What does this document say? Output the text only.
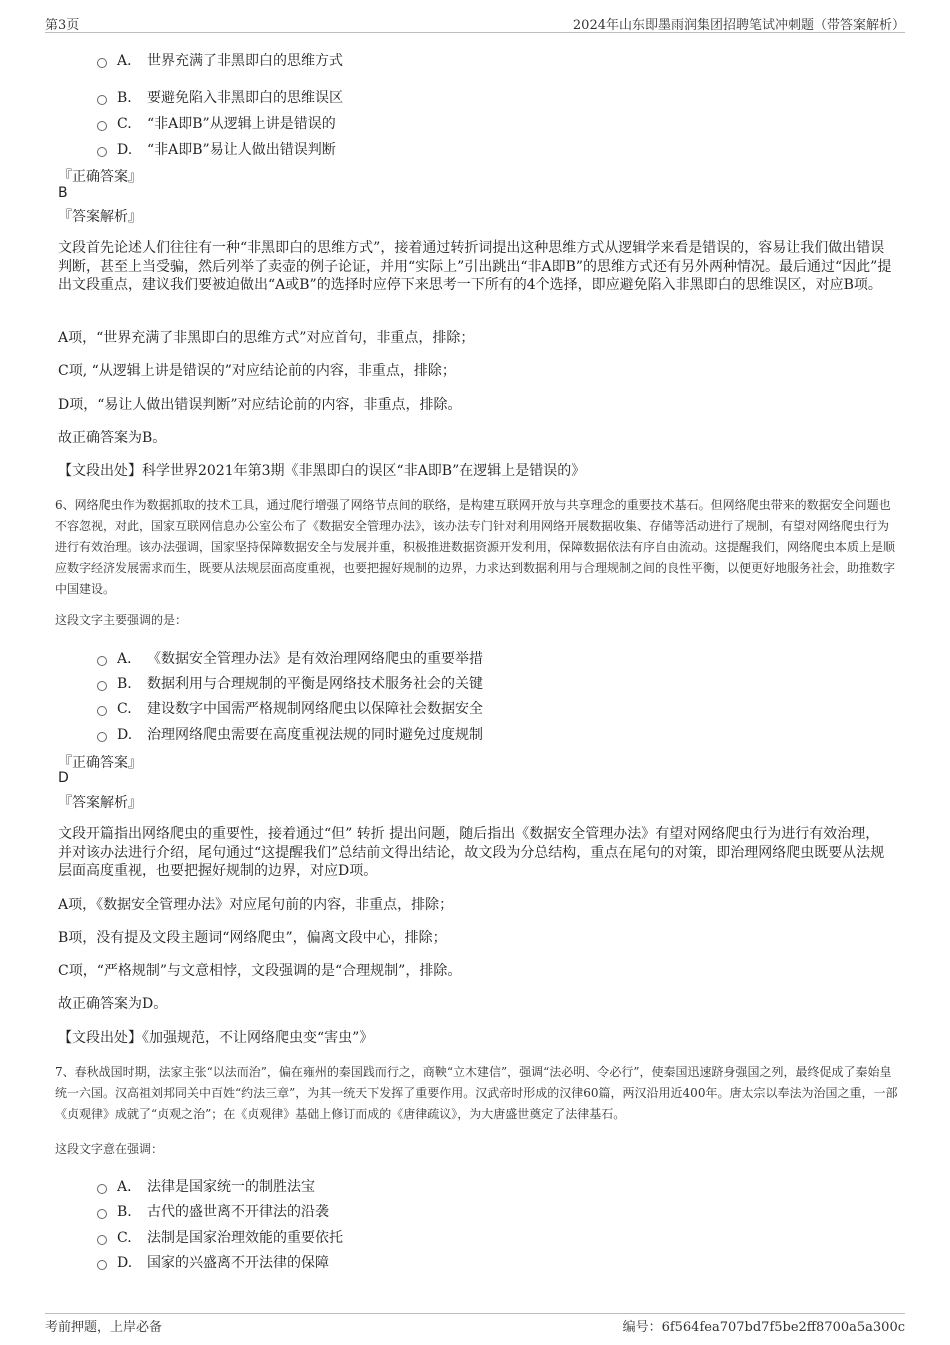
第3页	2024年山东即墨雨润集团招聘笔试冲刺题（带答案解析）
A． 世界充满了非黑即白的思维方式
B. 要避免陷入非黑即白的思维误区
C. “非A即B”从逻辑上讲是错误的
D. “非A即B”易让人做出错误判断
『正确答案』
B
『答案解析』
文段首先论述人们往往有一种“非黑即白的思维方式”，接着通过转折词提出这种思维方式从逻辑学来看是错误的，容易让我们做出错误判断，甚至上当受骗，然后列举了卖壶的例子论证，并用“实际上”引出跳出“非A即B”的思维方式还有另外两种情况。最后通过“因此”提出文段重点，建议我们要被迫做出“A或B”的选择时应停下来思考一下所有的4个选择，即应避免陷入非黑即白的思维误区，对应B项。
A项，“世界充满了非黑即白的思维方式”对应首句，非重点，排除；
C项, “从逻辑上讲是错误的”对应结论前的内容，非重点，排除；
D项，“易让人做出错误判断”对应结论前的内容，非重点，排除。
故正确答案为B。
【文段出处】科学世界2021年第3期《非黑即白的误区“非A即B”在逻辑上是错误的》
6、网络爬虫作为数据抓取的技术工具，通过爬行增强了网络节点间的联络，是构建互联网开放与共享理念的重要技术基石。但网络爬虫带来的数据安全问题也不容忽视，对此，国家互联网信息办公室公布了《数据安全管理办法》，该办法专门针对利用网络开展数据收集、存储等活动进行了规制，有望对网络爬虫行为进行有效治理。该办法强调，国家坚持保障数据安全与发展并重，积极推进数据资源开发利用，保障数据依法有序自由流动。这提醒我们，网络爬虫本质上是顺应数字经济发展需求而生，既要从法规层面高度重视，也要把握好规制的边界，力求达到数据利用与合理规制之间的良性平衡，以便更好地服务社会，助推数字中国建设。
这段文字主要强调的是：
A． 《数据安全管理办法》是有效治理网络爬虫的重要举措
B. 数据利用与合理规制的平衡是网络技术服务社会的关键
C. 建设数字中国需严格规制网络爬虫以保障社会数据安全
D. 治理网络爬虫需要在高度重视法规的同时避免过度规制
『正确答案』
D
『答案解析』
文段开篇指出网络爬虫的重要性，接着通过“但” 转折 提出问题，随后指出《数据安全管理办法》有望对网络爬虫行为进行有效治理，并对该办法进行介绍，尾句通过“这提醒我们”总结前文得出结论，故文段为分总结构，重点在尾句的对策，即治理网络爬虫既要从法规层面高度重视，也要把握好规制的边界，对应D项。
A项，《数据安全管理办法》对应尾句前的内容，非重点，排除；
B项，没有提及文段主题词“网络爬虫”，偏离文段中心，排除；
C项，“严格规制”与文意相悖，文段强调的是“合理规制”，排除。
故正确答案为D。
【文段出处】《加强规范，不让网络爬虫变“害虫”》
7、春秋战国时期，法家主张“以法而治”，偏在雍州的秦国践而行之，商鞅“立木建信”，强调“法必明、令必行”，使秦国迅速跻身强国之列，最终促成了秦始皇统一六国。汉高祖刘邦同关中百姓“约法三章”，为其一统天下发挥了重要作用。汉武帝时形成的汉律60篇，两汉沿用近400年。唐太宗以奉法为治国之重，一部《贞观律》成就了“贞观之治”；在《贞观律》基础上修订而成的《唐律疏议》，为大唐盛世奠定了法律基石。
这段文字意在强调：
A． 法律是国家统一的制胜法宝
B. 古代的盛世离不开律法的沿袭
C. 法制是国家治理效能的重要依托
D. 国家的兴盛离不开法律的保障
考前押题，上岸必备	编号：6f564fea707bd7f5be2ff8700a5a300c
